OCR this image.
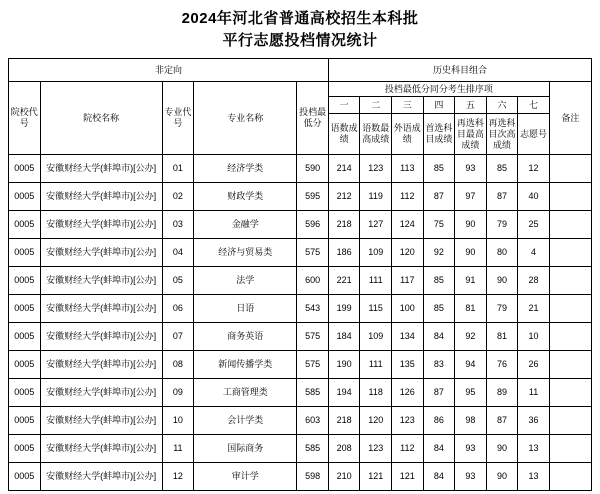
2024年河北省普通高校招生本科批
平行志愿投档情况统计
非定向					历史科目组合							
院校代号	院校名称	专业代号	专业名称	投档最低分	投档最低分同分考生排序项							备注
					一	二	三	四	五	六	七	
					语数成绩	语数最高成绩	外语成绩	首选科目成绩	再选科目最高成绩	再选科目次高成绩	志愿号	
0005	安徽财经大学(蚌埠市)[公办]	01	经济学类	590	214	123	113	85	93	85	12	
0005	安徽财经大学(蚌埠市)[公办]	02	财政学类	595	212	119	112	87	97	87	40	
0005	安徽财经大学(蚌埠市)[公办]	03	金融学	596	218	127	124	75	90	79	25	
0005	安徽财经大学(蚌埠市)[公办]	04	经济与贸易类	575	186	109	120	92	90	80	4	
0005	安徽财经大学(蚌埠市)[公办]	05	法学	600	221	111	117	85	91	90	28	
0005	安徽财经大学(蚌埠市)[公办]	06	日语	543	199	115	100	85	81	79	21	
0005	安徽财经大学(蚌埠市)[公办]	07	商务英语	575	184	109	134	84	92	81	10	
0005	安徽财经大学(蚌埠市)[公办]	08	新闻传播学类	575	190	111	135	83	94	76	26	
0005	安徽财经大学(蚌埠市)[公办]	09	工商管理类	585	194	118	126	87	95	89	11	
0005	安徽财经大学(蚌埠市)[公办]	10	会计学类	603	218	120	123	86	98	87	36	
0005	安徽财经大学(蚌埠市)[公办]	11	国际商务	585	208	123	112	84	93	90	13	
0005	安徽财经大学(蚌埠市)[公办]	12	审计学	598	210	121	121	84	93	90	13	
